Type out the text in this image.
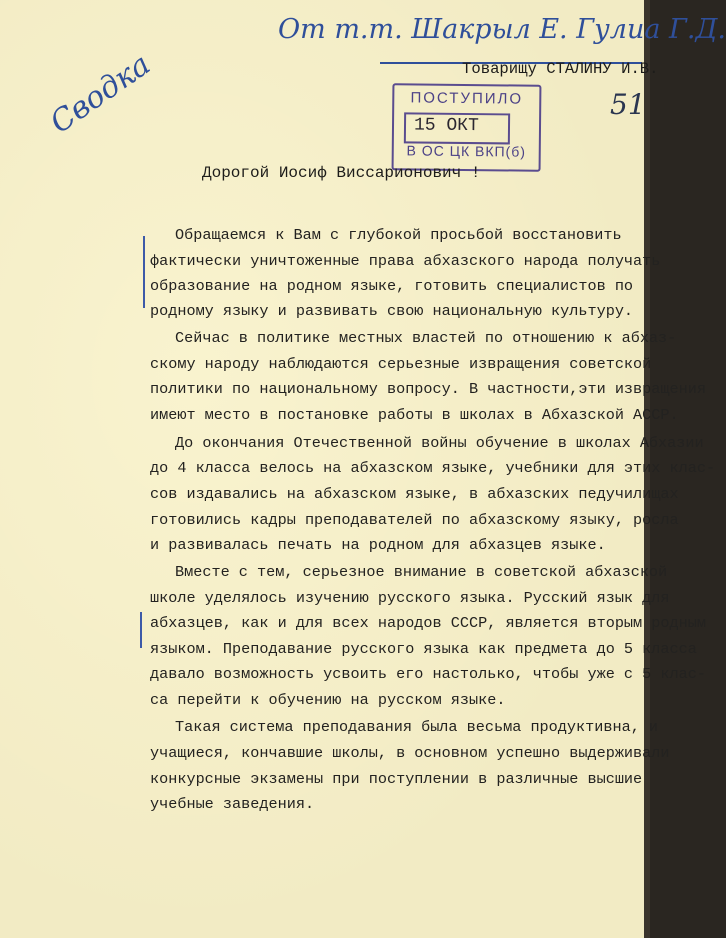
От т.т. Шакрыл Е. Гулиа Г.Д.
Сводка	51
Товарищу СТАЛИНУ И.В.
ПОСТУПИЛО
15 ОКТ
В ОС ЦК ВКП(б)
Дорогой Иосиф Виссарионович !
Обращаемся к Вам с глубокой просьбой восстановить
фактически уничтоженные права абхазского народа получать
образование на родном языке, готовить специалистов по
родному языку и развивать свою национальную культуру.
Сейчас в политике местных властей по отношению к абхаз-
скому народу наблюдаются серьезные извращения советской
политики по национальному вопросу. В частности,эти извращения
имеют место в постановке работы в школах в Абхазской АССР.
До окончания Отечественной войны обучение в школах Абхазии
до 4 класса велось на абхазском языке, учебники для этих клас-
сов издавались на абхазском языке, в абхазских педучилищах
готовились кадры преподавателей по абхазскому языку, росла
и развивалась печать на родном для абхазцев языке.
Вместе с тем, серьезное внимание в советской абхазской
школе уделялось изучению русского языка. Русский язык для
абхазцев, как и для всех народов СССР, является вторым родным
языком. Преподавание русского языка как предмета до 5 класса
давало возможность усвоить его настолько, чтобы уже с 5 клас-
са перейти к обучению на русском языке.
Такая система преподавания была весьма продуктивна, и
учащиеся, кончавшие школы, в основном успешно выдерживали
конкурсные экзамены при поступлении в различные высшие
учебные заведения.
